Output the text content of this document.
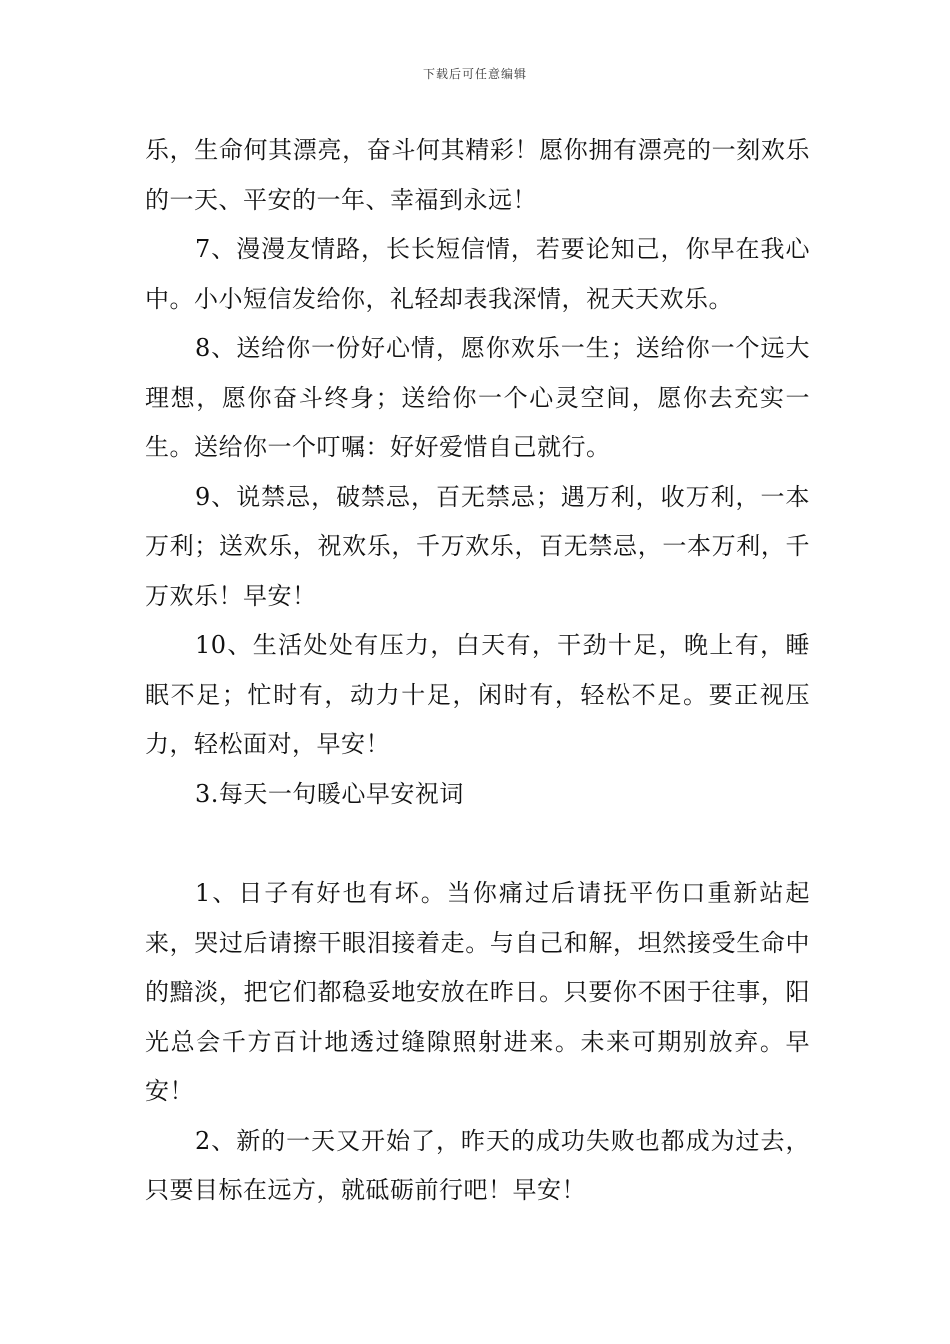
下载后可任意编辑

乐，生命何其漂亮，奋斗何其精彩！愿你拥有漂亮的一刻欢乐的一天、平安的一年、幸福到永远！

7、漫漫友情路，长长短信情，若要论知己，你早在我心中。小小短信发给你，礼轻却表我深情，祝天天欢乐。

8、送给你一份好心情，愿你欢乐一生；送给你一个远大理想，愿你奋斗终身；送给你一个心灵空间，愿你去充实一生。送给你一个叮嘱：好好爱惜自己就行。

9、说禁忌，破禁忌，百无禁忌；遇万利，收万利，一本万利；送欢乐，祝欢乐，千万欢乐，百无禁忌，一本万利，千万欢乐！早安！

10、生活处处有压力，白天有，干劲十足，晚上有，睡眠不足；忙时有，动力十足，闲时有，轻松不足。要正视压力，轻松面对，早安！

3.每天一句暖心早安祝词

1、日子有好也有坏。当你痛过后请抚平伤口重新站起来，哭过后请擦干眼泪接着走。与自己和解，坦然接受生命中的黯淡，把它们都稳妥地安放在昨日。只要你不困于往事，阳光总会千方百计地透过缝隙照射进来。未来可期别放弃。早安！

2、新的一天又开始了，昨天的成功失败也都成为过去，只要目标在远方，就砥砺前行吧！早安！
